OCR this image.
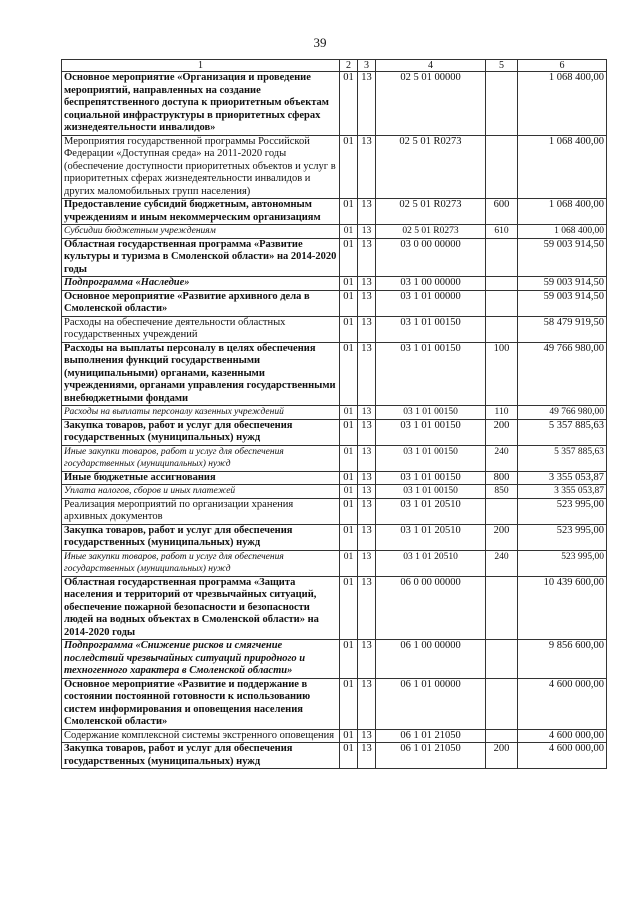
39
1	2	3	4	5	6
Основное мероприятие «Организация и проведение мероприятий, направленных на создание беспрепятственного доступа к приоритетным объектам социальной инфраструктуры в приоритетных сферах жизнедеятельности инвалидов»	01	13	02 5 01 00000		1 068 400,00
Мероприятия государственной программы Российской Федерации «Доступная среда» на 2011-2020 годы (обеспечение доступности приоритетных объектов и услуг в приоритетных сферах жизнедеятельности инвалидов и других маломобильных групп населения)	01	13	02 5 01 R0273		1 068 400,00
Предоставление субсидий бюджетным, автономным учреждениям и иным некоммерческим организациям	01	13	02 5 01 R0273	600	1 068 400,00
Субсидии бюджетным учреждениям	01	13	02 5 01 R0273	610	1 068 400,00
Областная государственная программа «Развитие культуры и туризма в Смоленской области» на 2014-2020 годы	01	13	03 0 00 00000		59 003 914,50
Подпрограмма «Наследие»	01	13	03 1 00 00000		59 003 914,50
Основное мероприятие «Развитие архивного дела в Смоленской области»	01	13	03 1 01 00000		59 003 914,50
Расходы на обеспечение деятельности областных государственных учреждений	01	13	03 1 01 00150		58 479 919,50
Расходы на выплаты персоналу в целях обеспечения выполнения функций государственными (муниципальными) органами, казенными учреждениями, органами управления государственными внебюджетными фондами	01	13	03 1 01 00150	100	49 766 980,00
Расходы на выплаты персоналу казенных учреждений	01	13	03 1 01 00150	110	49 766 980,00
Закупка товаров, работ и услуг для обеспечения государственных (муниципальных) нужд	01	13	03 1 01 00150	200	5 357 885,63
Иные закупки товаров, работ и услуг для обеспечения государственных (муниципальных) нужд	01	13	03 1 01 00150	240	5 357 885,63
Иные бюджетные ассигнования	01	13	03 1 01 00150	800	3 355 053,87
Уплата налогов, сборов и иных платежей	01	13	03 1 01 00150	850	3 355 053,87
Реализация мероприятий по организации хранения архивных документов	01	13	03 1 01 20510		523 995,00
Закупка товаров, работ и услуг для обеспечения государственных (муниципальных) нужд	01	13	03 1 01 20510	200	523 995,00
Иные закупки товаров, работ и услуг для обеспечения государственных (муниципальных) нужд	01	13	03 1 01 20510	240	523 995,00
Областная государственная программа «Защита населения и территорий от чрезвычайных ситуаций, обеспечение пожарной безопасности и безопасности людей на водных объектах в Смоленской области» на 2014-2020 годы	01	13	06 0 00 00000		10 439 600,00
Подпрограмма «Снижение рисков и смягчение последствий чрезвычайных ситуаций природного и техногенного характера в Смоленской области»	01	13	06 1 00 00000		9 856 600,00
Основное мероприятие «Развитие и поддержание в состоянии постоянной готовности к использованию систем информирования и оповещения населения Смоленской области»	01	13	06 1 01 00000		4 600 000,00
Содержание комплексной системы экстренного оповещения	01	13	06 1 01 21050		4 600 000,00
Закупка товаров, работ и услуг для обеспечения государственных (муниципальных) нужд	01	13	06 1 01 21050	200	4 600 000,00
